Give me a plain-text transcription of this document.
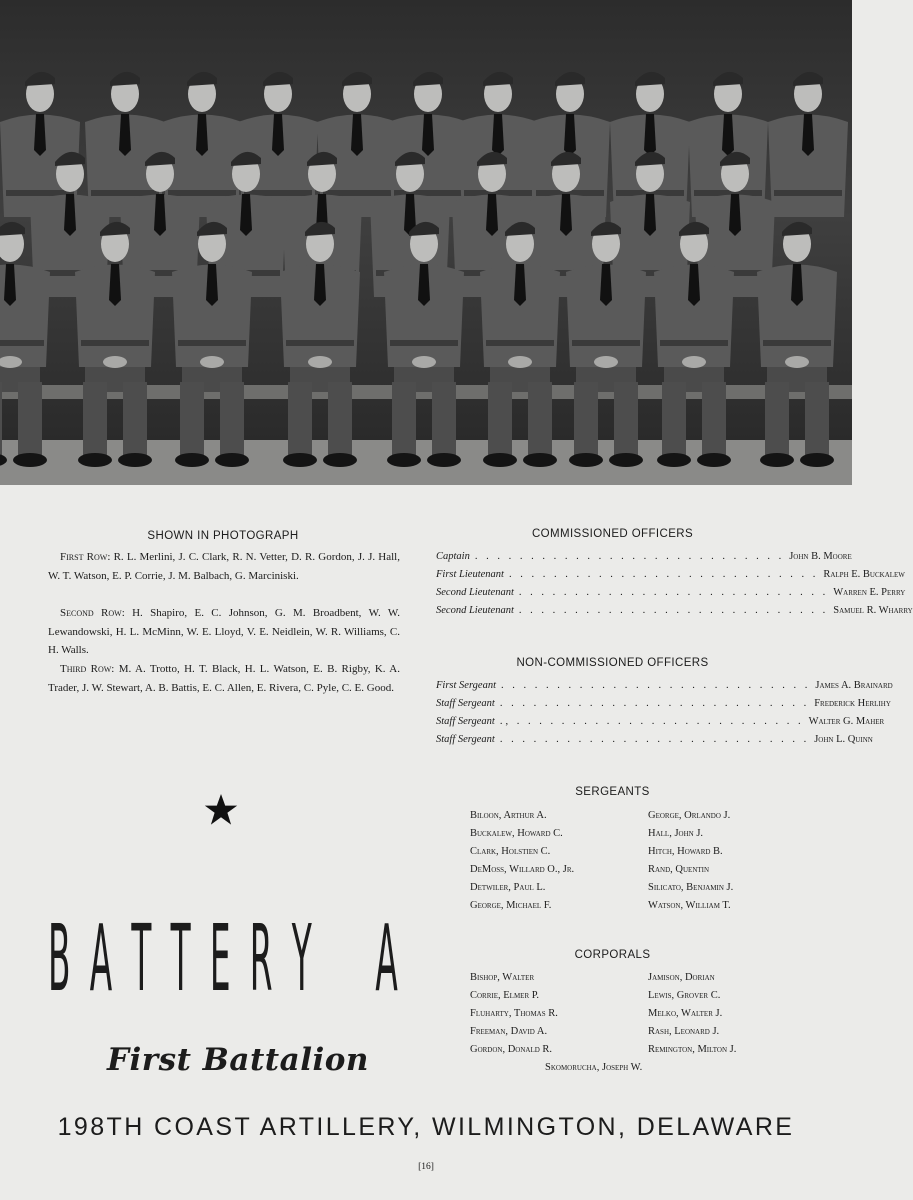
SHOWN IN PHOTOGRAPH

First Row: R. L. Merlini, J. C. Clark, R. N. Vetter, D. R. Gordon, J. J. Hall, W. T. Watson, E. P. Corrie, J. M. Balbach, G. Marciniski.

Second Row: H. Shapiro, E. C. Johnson, G. M. Broadbent, W. W. Lewandowski, H. L. McMinn, W. E. Lloyd, V. E. Neidlein, W. R. Williams, C. H. Walls.

Third Row: M. A. Trotto, H. T. Black, H. L. Watson, E. B. Rigby, K. A. Trader, J. W. Stewart, A. B. Battis, E. C. Allen, E. Rivera, C. Pyle, C. E. Good.

COMMISSIONED OFFICERS
Captain . . . . . . . . . . . . . . . . . . . . . . . . . . . . John B. Moore
First Lieutenant . . . . . . . . . . . . . . . . . . . . . . . . . . . . Ralph E. Buckalew
Second Lieutenant . . . . . . . . . . . . . . . . . . . . . . . . . . . . Warren E. Perry
Second Lieutenant . . . . . . . . . . . . . . . . . . . . . . . . . . . . Samuel R. Wharry
NON-COMMISSIONED OFFICERS
First Sergeant . . . . . . . . . . . . . . . . . . . . . . . . . . . . James A. Brainard
Staff Sergeant . . . . . . . . . . . . . . . . . . . . . . . . . . . . Frederick Herlihy
Staff Sergeant ., . . . . . . . . . . . . . . . . . . . . . . . . . . Walter G. Maher
Staff Sergeant . . . . . . . . . . . . . . . . . . . . . . . . . . . . John L. Quinn
SERGEANTS
Biloon, Arthur A.
Buckalew, Howard C.
Clark, Holstien C.
DeMoss, Willard O., Jr.
Detwiler, Paul L.
George, Michael F.
George, Orlando J.
Hall, John J.
Hitch, Howard B.
Rand, Quentin
Silicato, Benjamin J.
Watson, William T.
CORPORALS
Bishop, Walter
Corrie, Elmer P.
Fluharty, Thomas R.
Freeman, David A.
Gordon, Donald R.
Jamison, Dorian
Lewis, Grover C.
Melko, Walter J.
Rash, Leonard J.
Remington, Milton J.
Skomorucha, Joseph W.
B A T T E R Y A
First Battalion
198TH COAST ARTILLERY, WILMINGTON, DELAWARE
[16]
